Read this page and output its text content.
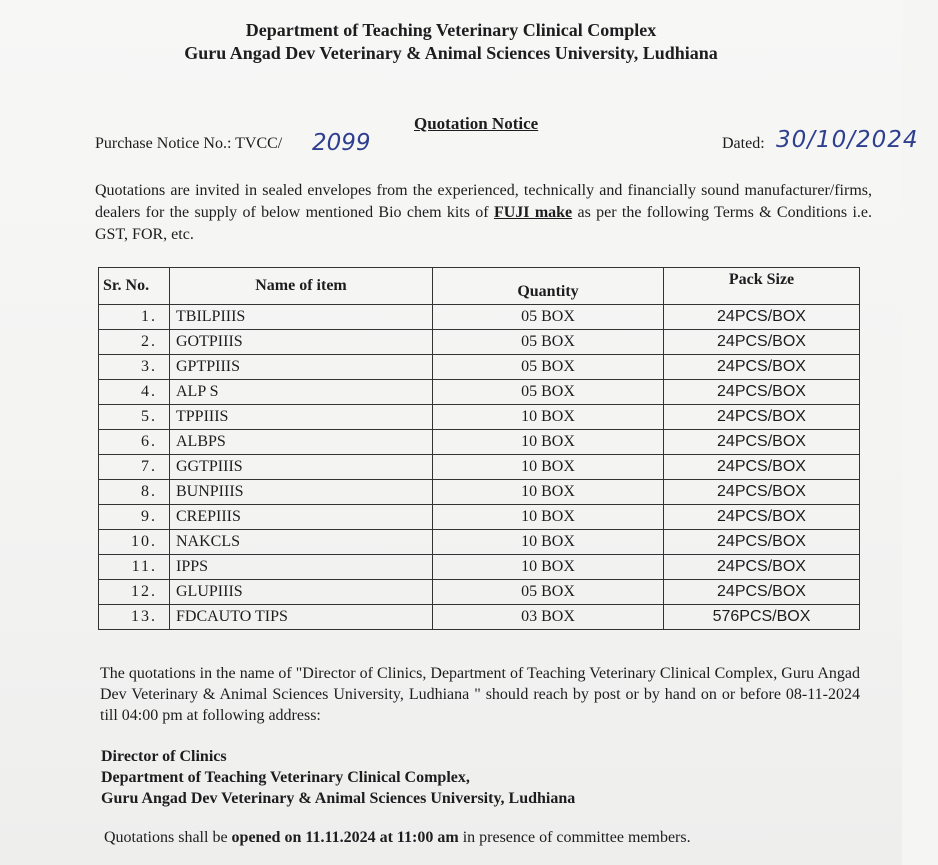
Department of Teaching Veterinary Clinical Complex
Guru Angad Dev Veterinary & Animal Sciences University, Ludhiana
Quotation Notice
Purchase Notice No.: TVCC/ 2099	Dated: 30/10/2024
Quotations are invited in sealed envelopes from the experienced, technically and financially sound manufacturer/firms, dealers for the supply of below mentioned Bio chem kits of FUJI make as per the following Terms & Conditions i.e. GST, FOR, etc.
Sr. No.	Name of item	Quantity	Pack Size
1.	TBILPIIIS	05 BOX	24PCS/BOX
2.	GOTPIIIS	05 BOX	24PCS/BOX
3.	GPTPIIIS	05 BOX	24PCS/BOX
4.	ALP S	05 BOX	24PCS/BOX
5.	TPPIIIS	10 BOX	24PCS/BOX
6.	ALBPS	10 BOX	24PCS/BOX
7.	GGTPIIIS	10 BOX	24PCS/BOX
8.	BUNPIIIS	10 BOX	24PCS/BOX
9.	CREPIIIS	10 BOX	24PCS/BOX
10.	NAKCLS	10 BOX	24PCS/BOX
11.	IPPS	10 BOX	24PCS/BOX
12.	GLUPIIIS	05 BOX	24PCS/BOX
13.	FDCAUTO TIPS	03 BOX	576PCS/BOX
The quotations in the name of "Director of Clinics, Department of Teaching Veterinary Clinical Complex, Guru Angad Dev Veterinary & Animal Sciences University, Ludhiana " should reach by post or by hand on or before 08-11-2024 till 04:00 pm at following address:
Director of Clinics
Department of Teaching Veterinary Clinical Complex,
Guru Angad Dev Veterinary & Animal Sciences University, Ludhiana
Quotations shall be opened on 11.11.2024 at 11:00 am in presence of committee members.
